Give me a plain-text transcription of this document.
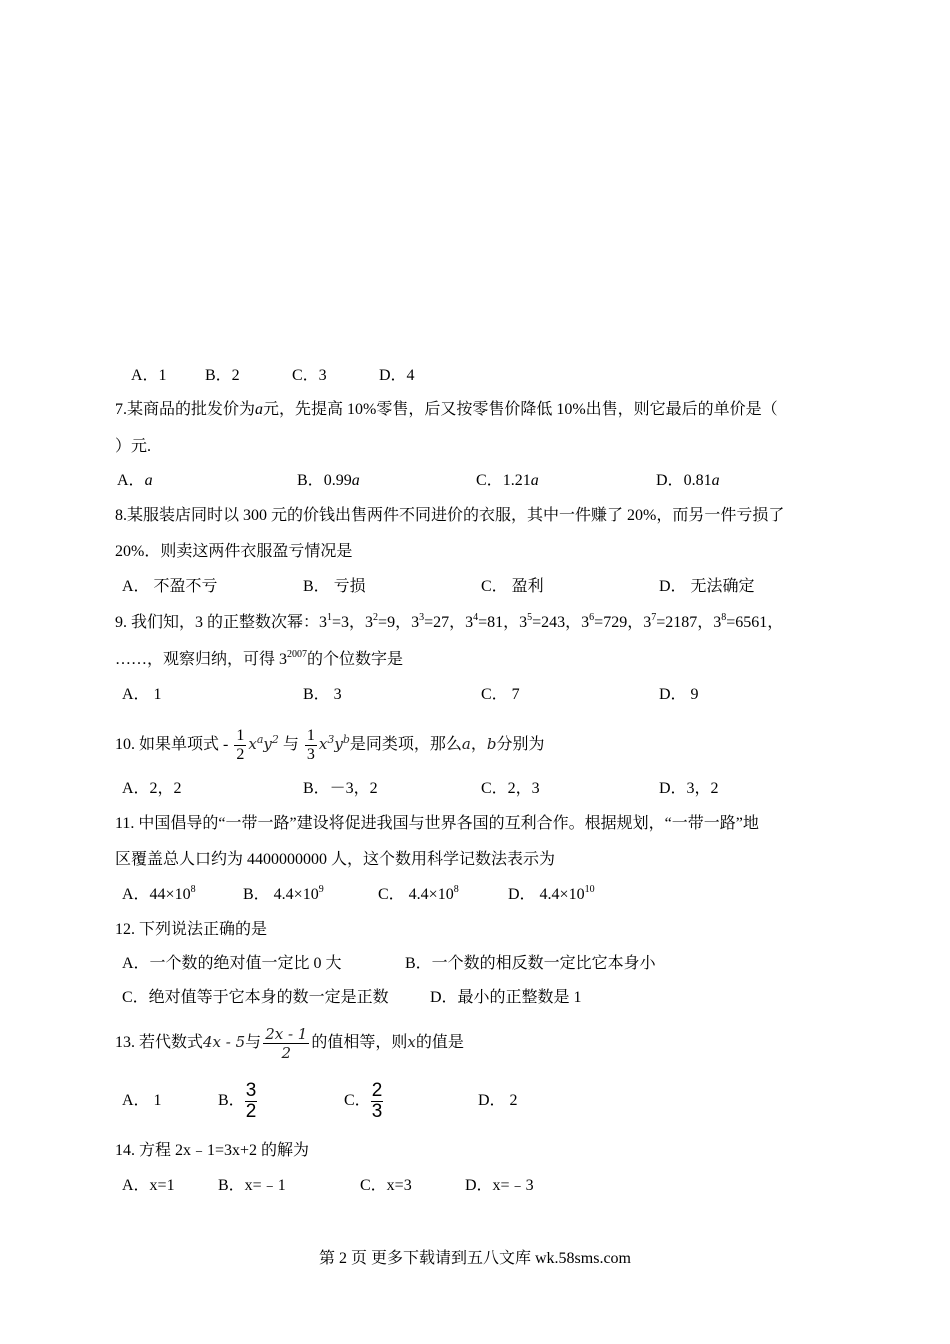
A．1 B．2	C．3	D．4
7.某商品的批发价为a元，先提高 10%零售，后又按零售价降低 10%出售，则它最后的单价是（
）元.
A．a	B．0.99a	C．1.21a	D．0.81a
8.某服装店同时以 300 元的价钱出售两件不同进价的衣服，其中一件赚了 20%，而另一件亏损了
20%．则卖这两件衣服盈亏情况是
A． 不盈不亏	B． 亏损	C． 盈利	D． 无法确定
9. 我们知，3 的正整数次幂：$3^1=3$，$3^2=9$，$3^3=27$，$3^4=81$，$3^5=243$，$3^6=729$，$3^7=2187$，$3^8=6561$，
……，观察归纳，可得 $3^{2007}$的个位数字是
A． 1	B． 3	C． 7	D． 9
10. 如果单项式 - $\frac{1}{2} x^ay^2$ 与 $\frac{1}{3} x^3y^b$是同类项，那么a，b分别为
A．2，2	B．－3，2	C．2，3	D．3，2
11. 中国倡导的“一带一路”建设将促进我国与世界各国的互利合作。根据规划，“一带一路”地
区覆盖总人口约为 4400000000 人，这个数用科学记数法表示为
A．$44\times 10^8$	B． $4.4\times 10^9$	C． $4.4\times 10^8$	D． $4.4\times 10^{10}$
12. 下列说法正确的是
A．一个数的绝对值一定比 0 大	B．一个数的相反数一定比它本身小
C．绝对值等于它本身的数一定是正数	D．最小的正整数是 1
13. 若代数式4x - 5与 $\frac{2x - 1}{2}$ 的值相等，则x的值是
A． 1	B． $\frac{3}{2}$	C． $\frac{2}{3}$	D． 2
14. 方程 2x﹣1=3x+2 的解为
A．x=1	B．x=﹣1	C．x=3	D．x=﹣3
第 2 页 更多下载请到五八文库 wk.58sms.com
